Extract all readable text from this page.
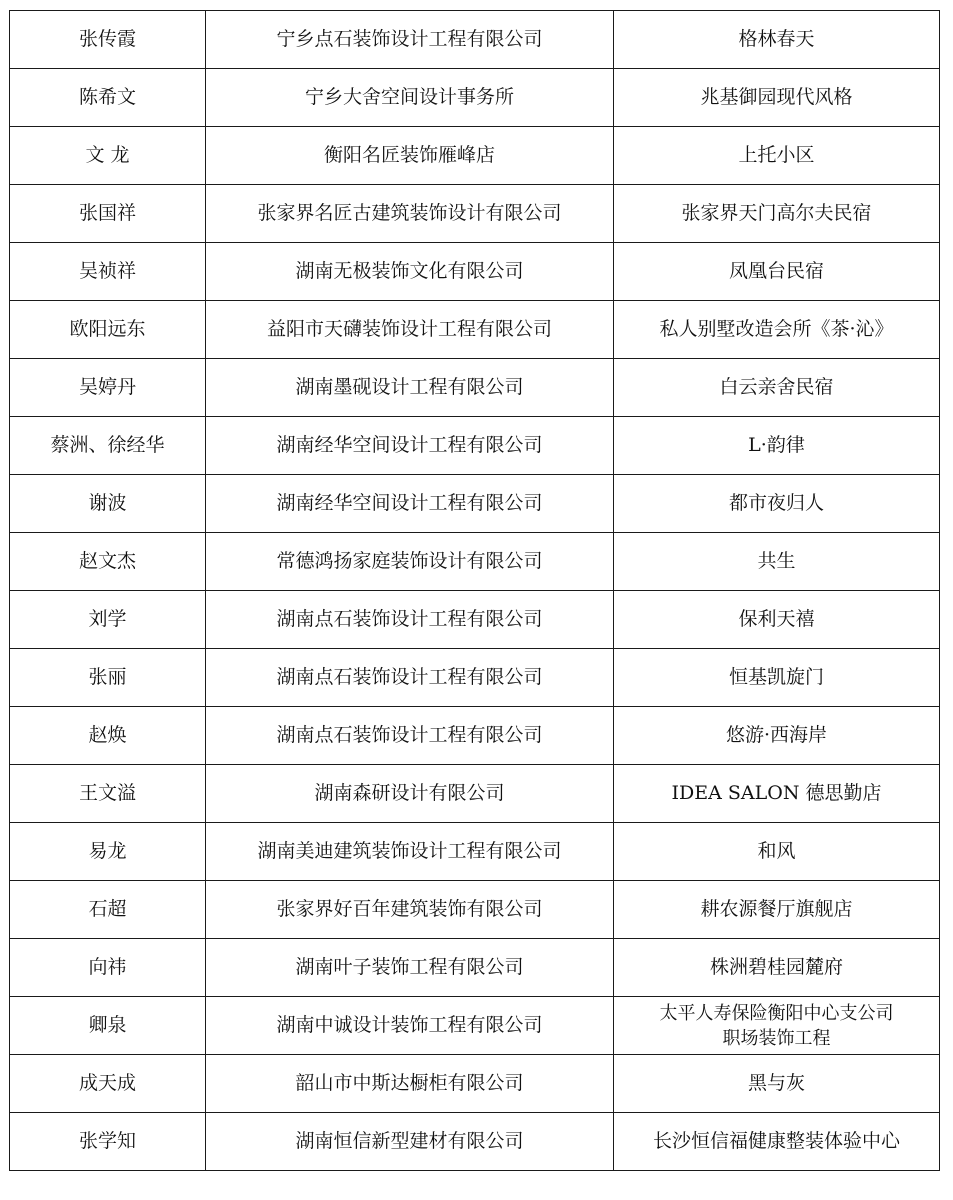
张传霞	宁乡点石装饰设计工程有限公司	格林春天

陈希文	宁乡大舍空间设计事务所	兆基御园现代风格

文 龙	衡阳名匠装饰雁峰店	上托小区

张国祥	张家界名匠古建筑装饰设计有限公司	张家界天门高尔夫民宿

吴祯祥	湖南无极装饰文化有限公司	凤凰台民宿

欧阳远东	益阳市天礴装饰设计工程有限公司	私人别墅改造会所《茶·沁》

吴婷丹	湖南墨砚设计工程有限公司	白云亲舍民宿

蔡洲、徐经华	湖南经华空间设计工程有限公司	L·韵律

谢波	湖南经华空间设计工程有限公司	都市夜归人

赵文杰	常德鸿扬家庭装饰设计有限公司	共生

刘学	湖南点石装饰设计工程有限公司	保利天禧

张丽	湖南点石装饰设计工程有限公司	恒基凯旋门

赵焕	湖南点石装饰设计工程有限公司	悠游·西海岸

王文溢	湖南森研设计有限公司	IDEA SALON 德思勤店

易龙	湖南美迪建筑装饰设计工程有限公司	和风

石超	张家界好百年建筑装饰有限公司	耕农源餐厅旗舰店

向祎	湖南叶子装饰工程有限公司	株洲碧桂园麓府

卿泉	湖南中诚设计装饰工程有限公司	太平人寿保险衡阳中心支公司
职场装饰工程

成天成	韶山市中斯达橱柜有限公司	黑与灰

张学知	湖南恒信新型建材有限公司	长沙恒信福健康整装体验中心
